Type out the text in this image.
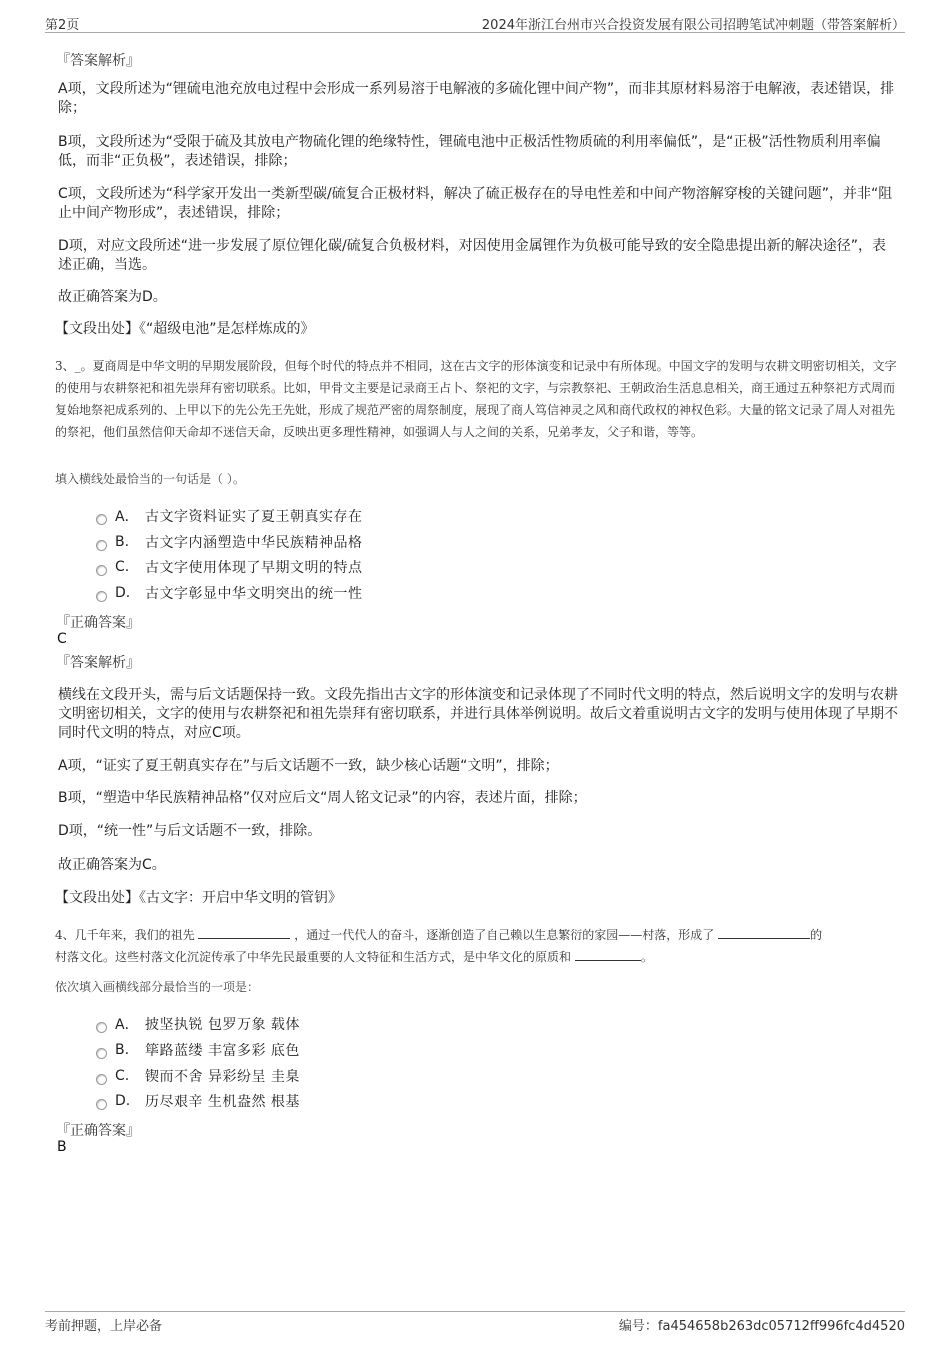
第2页	2024年浙江台州市兴合投资发展有限公司招聘笔试冲刺题（带答案解析）
『答案解析』
A项，文段所述为“锂硫电池充放电过程中会形成一系列易溶于电解液的多硫化锂中间产物”，而非其原材料易溶于电解液，表述错误，排除；
B项，文段所述为“受限于硫及其放电产物硫化锂的绝缘特性，锂硫电池中正极活性物质硫的利用率偏低”，是“正极”活性物质利用率偏低，而非“正负极”，表述错误，排除；
C项，文段所述为“科学家开发出一类新型碳/硫复合正极材料，解决了硫正极存在的导电性差和中间产物溶解穿梭的关键问题”，并非“阻止中间产物形成”，表述错误，排除；
D项，对应文段所述“进一步发展了原位锂化碳/硫复合负极材料，对因使用金属锂作为负极可能导致的安全隐患提出新的解决途径”，表述正确，当选。
故正确答案为D。
【文段出处】《“超级电池”是怎样炼成的》
3、_。夏商周是中华文明的早期发展阶段，但每个时代的特点并不相同，这在古文字的形体演变和记录中有所体现。中国文字的发明与农耕文明密切相关，文字的使用与农耕祭祀和祖先崇拜有密切联系。比如，甲骨文主要是记录商王占卜、祭祀的文字，与宗教祭祀、王朝政治生活息息相关，商王通过五种祭祀方式周而复始地祭祀成系列的、上甲以下的先公先王先妣，形成了规范严密的周祭制度，展现了商人笃信神灵之风和商代政权的神权色彩。大量的铭文记录了周人对祖先的祭祀，他们虽然信仰天命却不迷信天命，反映出更多理性精神，如强调人与人之间的关系，兄弟孝友，父子和谐，等等。
填入横线处最恰当的一句话是（ ）。
A． 古文字资料证实了夏王朝真实存在
B.	古文字内涵塑造中华民族精神品格
C.	古文字使用体现了早期文明的特点
D.	古文字彰显中华文明突出的统一性
『正确答案』
C
『答案解析』
横线在文段开头，需与后文话题保持一致。文段先指出古文字的形体演变和记录体现了不同时代文明的特点，然后说明文字的发明与农耕文明密切相关，文字的使用与农耕祭祀和祖先崇拜有密切联系，并进行具体举例说明。故后文着重说明古文字的发明与使用体现了早期不同时代文明的特点，对应C项。
A项，“证实了夏王朝真实存在”与后文话题不一致，缺少核心话题“文明”，排除；
B项，“塑造中华民族精神品格”仅对应后文“周人铭文记录”的内容，表述片面，排除；
D项，“统一性”与后文话题不一致，排除。
故正确答案为C。
【文段出处】《古文字：开启中华文明的管钥》
4、几千年来，我们的祖先	，通过一代代人的奋斗，逐渐创造了自己赖以生息繁衍的家园——村落，形成了	的
村落文化。这些村落文化沉淀传承了中华先民最重要的人文特征和生活方式，是中华文化的原质和	。
依次填入画横线部分最恰当的一项是：
A． 披坚执锐 包罗万象 载体
B.	筚路蓝缕 丰富多彩 底色
C.	锲而不舍 异彩纷呈 圭臬
D.	历尽艰辛 生机盎然 根基
『正确答案』
B
考前押题，上岸必备	编号：fa454658b263dc05712ff996fc4d4520
